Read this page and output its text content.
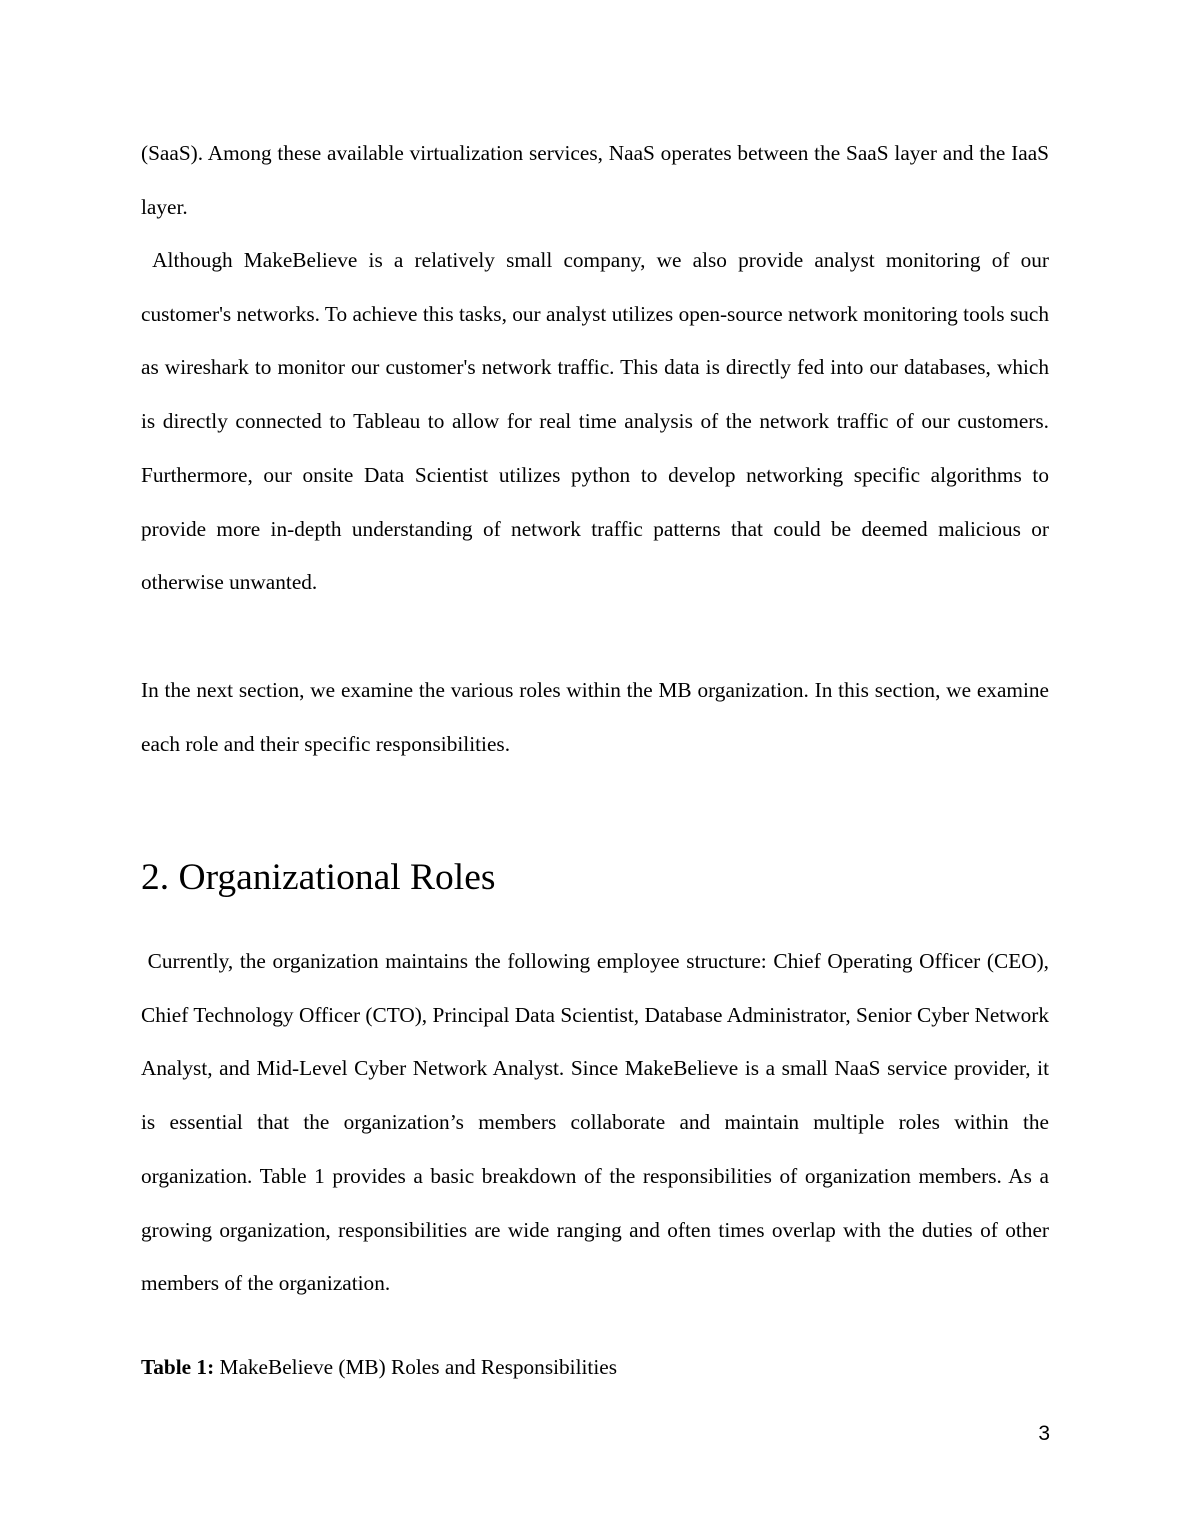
(SaaS). Among these available virtualization services, NaaS operates between the SaaS layer and the IaaS layer.

Although MakeBelieve is a relatively small company, we also provide analyst monitoring of our customer's networks. To achieve this tasks, our analyst utilizes open-source network monitoring tools such as wireshark to monitor our customer's network traffic. This data is directly fed into our databases, which is directly connected to Tableau to allow for real time analysis of the network traffic of our customers. Furthermore, our onsite Data Scientist utilizes python to develop networking specific algorithms to provide more in-depth understanding of network traffic patterns that could be deemed malicious or otherwise unwanted.

In the next section, we examine the various roles within the MB organization. In this section, we examine each role and their specific responsibilities.

2. Organizational Roles

Currently, the organization maintains the following employee structure: Chief Operating Officer (CEO), Chief Technology Officer (CTO), Principal Data Scientist, Database Administrator, Senior Cyber Network Analyst, and Mid-Level Cyber Network Analyst. Since MakeBelieve is a small NaaS service provider, it is essential that the organization’s members collaborate and maintain multiple roles within the organization. Table 1 provides a basic breakdown of the responsibilities of organization members. As a growing organization, responsibilities are wide ranging and often times overlap with the duties of other members of the organization.

Table 1: MakeBelieve (MB) Roles and Responsibilities

3
